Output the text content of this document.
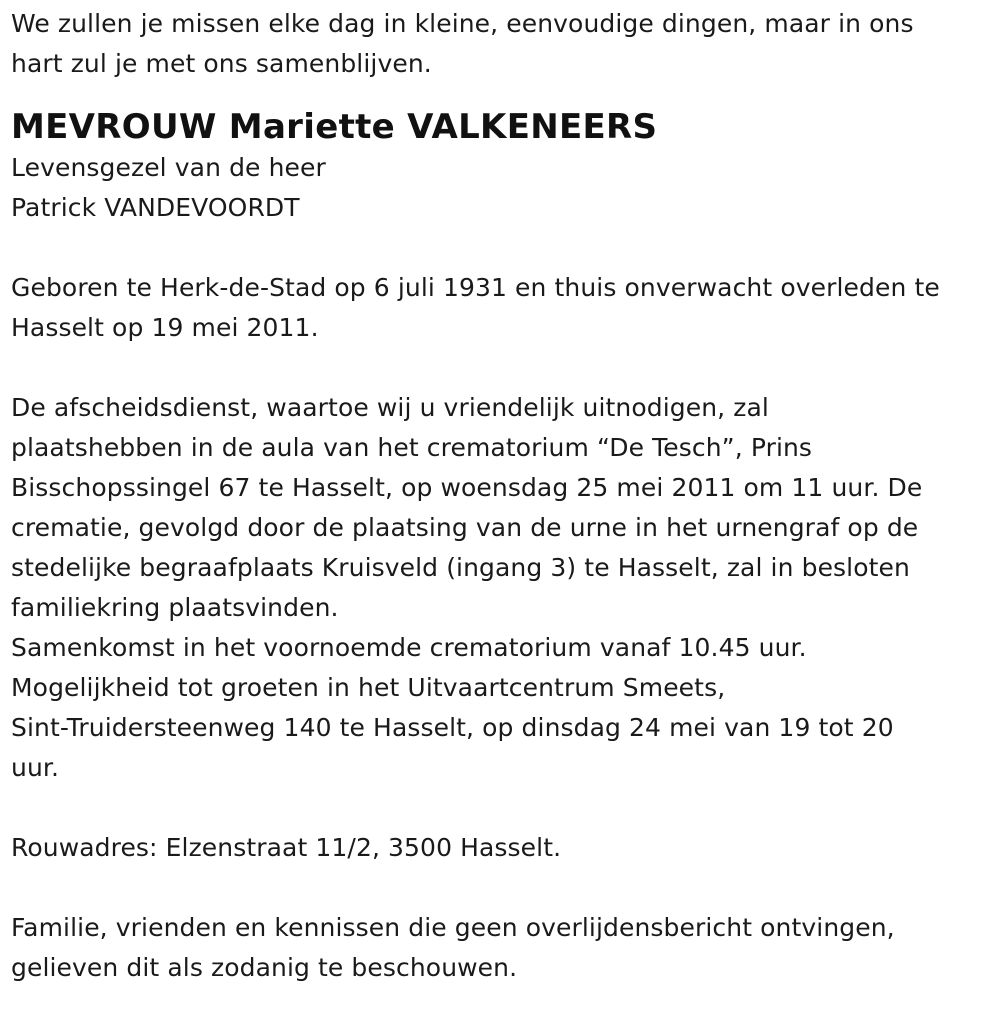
We zullen je missen elke dag in kleine, eenvoudige dingen, maar in ons
hart zul je met ons samenblijven.

MEVROUW Mariette VALKENEERS

Levensgezel van de heer
Patrick VANDEVOORDT

Geboren te Herk-de-Stad op 6 juli 1931 en thuis onverwacht overleden te
Hasselt op 19 mei 2011.

De afscheidsdienst, waartoe wij u vriendelijk uitnodigen, zal
plaatshebben in de aula van het crematorium “De Tesch”, Prins
Bisschopssingel 67 te Hasselt, op woensdag 25 mei 2011 om 11 uur. De
crematie, gevolgd door de plaatsing van de urne in het urnengraf op de
stedelijke begraafplaats Kruisveld (ingang 3) te Hasselt, zal in besloten
familiekring plaatsvinden.
Samenkomst in het voornoemde crematorium vanaf 10.45 uur.
Mogelijkheid tot groeten in het Uitvaartcentrum Smeets,
Sint-Truidersteenweg 140 te Hasselt, op dinsdag 24 mei van 19 tot 20
uur.

Rouwadres: Elzenstraat 11/2, 3500 Hasselt.

Familie, vrienden en kennissen die geen overlijdensbericht ontvingen,
gelieven dit als zodanig te beschouwen.
